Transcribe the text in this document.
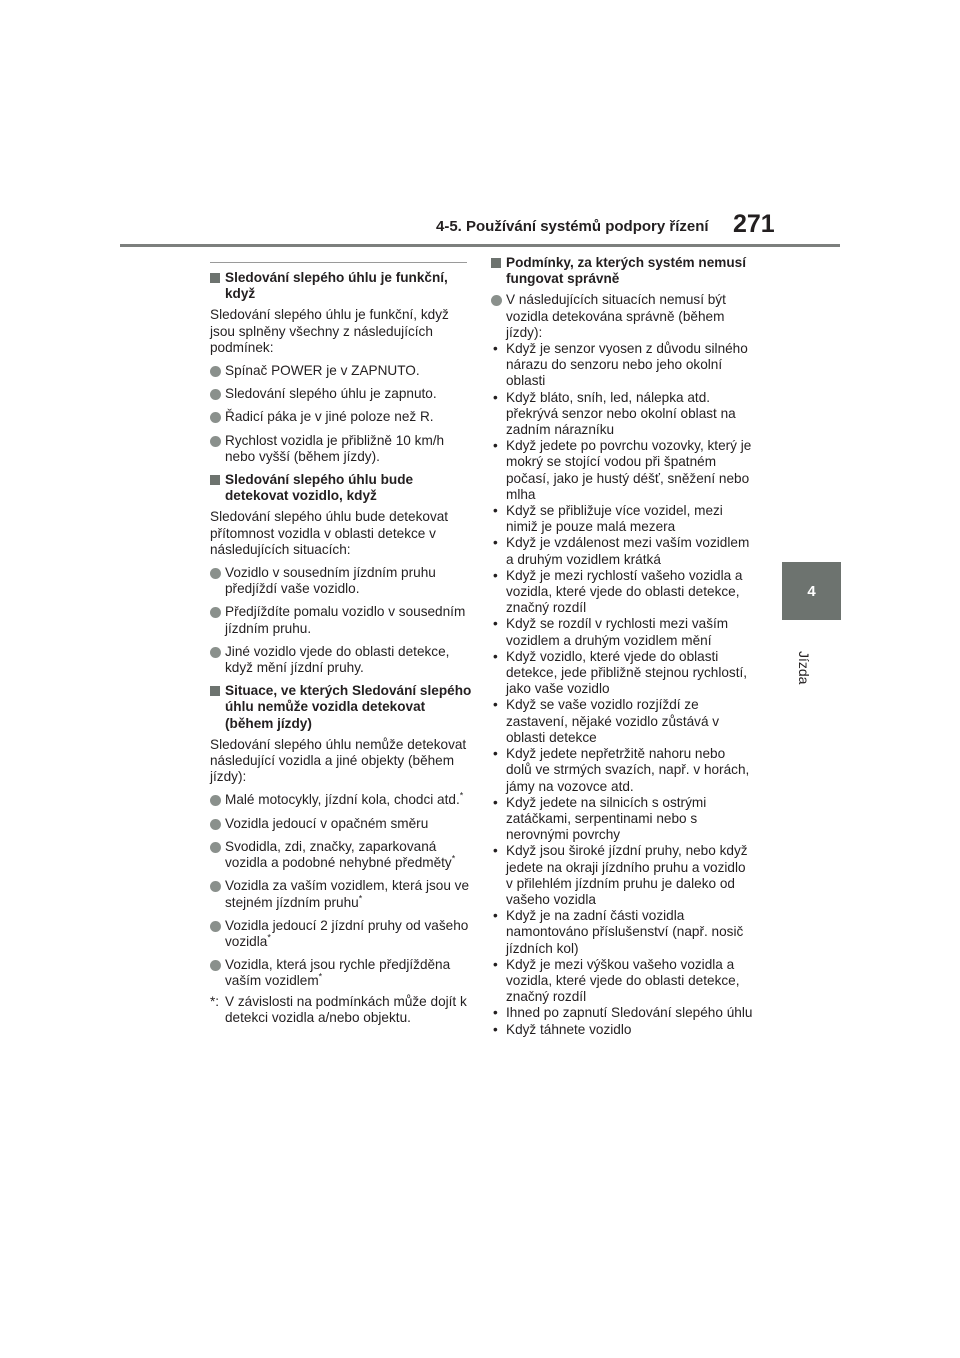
4-5. Používání systémů podpory řízení 271
4
Jízda
Sledování slepého úhlu je funkční, když
Sledování slepého úhlu je funkční, když jsou splněny všechny z následujících podmínek:
Spínač POWER je v ZAPNUTO.
Sledování slepého úhlu je zapnuto.
Řadicí páka je v jiné poloze než R.
Rychlost vozidla je přibližně 10 km/h nebo vyšší (během jízdy).
Sledování slepého úhlu bude detekovat vozidlo, když
Sledování slepého úhlu bude detekovat přítomnost vozidla v oblasti detekce v následujících situacích:
Vozidlo v sousedním jízdním pruhu předjíždí vaše vozidlo.
Předjíždíte pomalu vozidlo v sousedním jízdním pruhu.
Jiné vozidlo vjede do oblasti detekce, když mění jízdní pruhy.
Situace, ve kterých Sledování slepého úhlu nemůže vozidla detekovat (během jízdy)
Sledování slepého úhlu nemůže detekovat následující vozidla a jiné objekty (během jízdy):
Malé motocykly, jízdní kola, chodci atd.*
Vozidla jedoucí v opačném směru
Svodidla, zdi, značky, zaparkovaná vozidla a podobné nehybné předměty*
Vozidla za vaším vozidlem, která jsou ve stejném jízdním pruhu*
Vozidla jedoucí 2 jízdní pruhy od vašeho vozidla*
Vozidla, která jsou rychle předjížděna vaším vozidlem*
*: V závislosti na podmínkách může dojít k detekci vozidla a/nebo objektu.
Podmínky, za kterých systém nemusí fungovat správně
V následujících situacích nemusí být vozidla detekována správně (během jízdy):
• Když je senzor vyosen z důvodu silného nárazu do senzoru nebo jeho okolní oblasti
• Když bláto, sníh, led, nálepka atd. překrývá senzor nebo okolní oblast na zadním nárazníku
• Když jedete po povrchu vozovky, který je mokrý se stojící vodou při špatném počasí, jako je hustý déšť, sněžení nebo mlha
• Když se přibližuje více vozidel, mezi nimiž je pouze malá mezera
• Když je vzdálenost mezi vaším vozidlem a druhým vozidlem krátká
• Když je mezi rychlostí vašeho vozidla a vozidla, které vjede do oblasti detekce, značný rozdíl
• Když se rozdíl v rychlosti mezi vaším vozidlem a druhým vozidlem mění
• Když vozidlo, které vjede do oblasti detekce, jede přibližně stejnou rychlostí, jako vaše vozidlo
• Když se vaše vozidlo rozjíždí ze zastavení, nějaké vozidlo zůstává v oblasti detekce
• Když jedete nepřetržitě nahoru nebo dolů ve strmých svazích, např. v horách, jámy na vozovce atd.
• Když jedete na silnicích s ostrými zatáčkami, serpentinami nebo s nerovnými povrchy
• Když jsou široké jízdní pruhy, nebo když jedete na okraji jízdního pruhu a vozidlo v přilehlém jízdním pruhu je daleko od vašeho vozidla
• Když je na zadní části vozidla namontováno příslušenství (např. nosič jízdních kol)
• Když je mezi výškou vašeho vozidla a vozidla, které vjede do oblasti detekce, značný rozdíl
• Ihned po zapnutí Sledování slepého úhlu
• Když táhnete vozidlo
